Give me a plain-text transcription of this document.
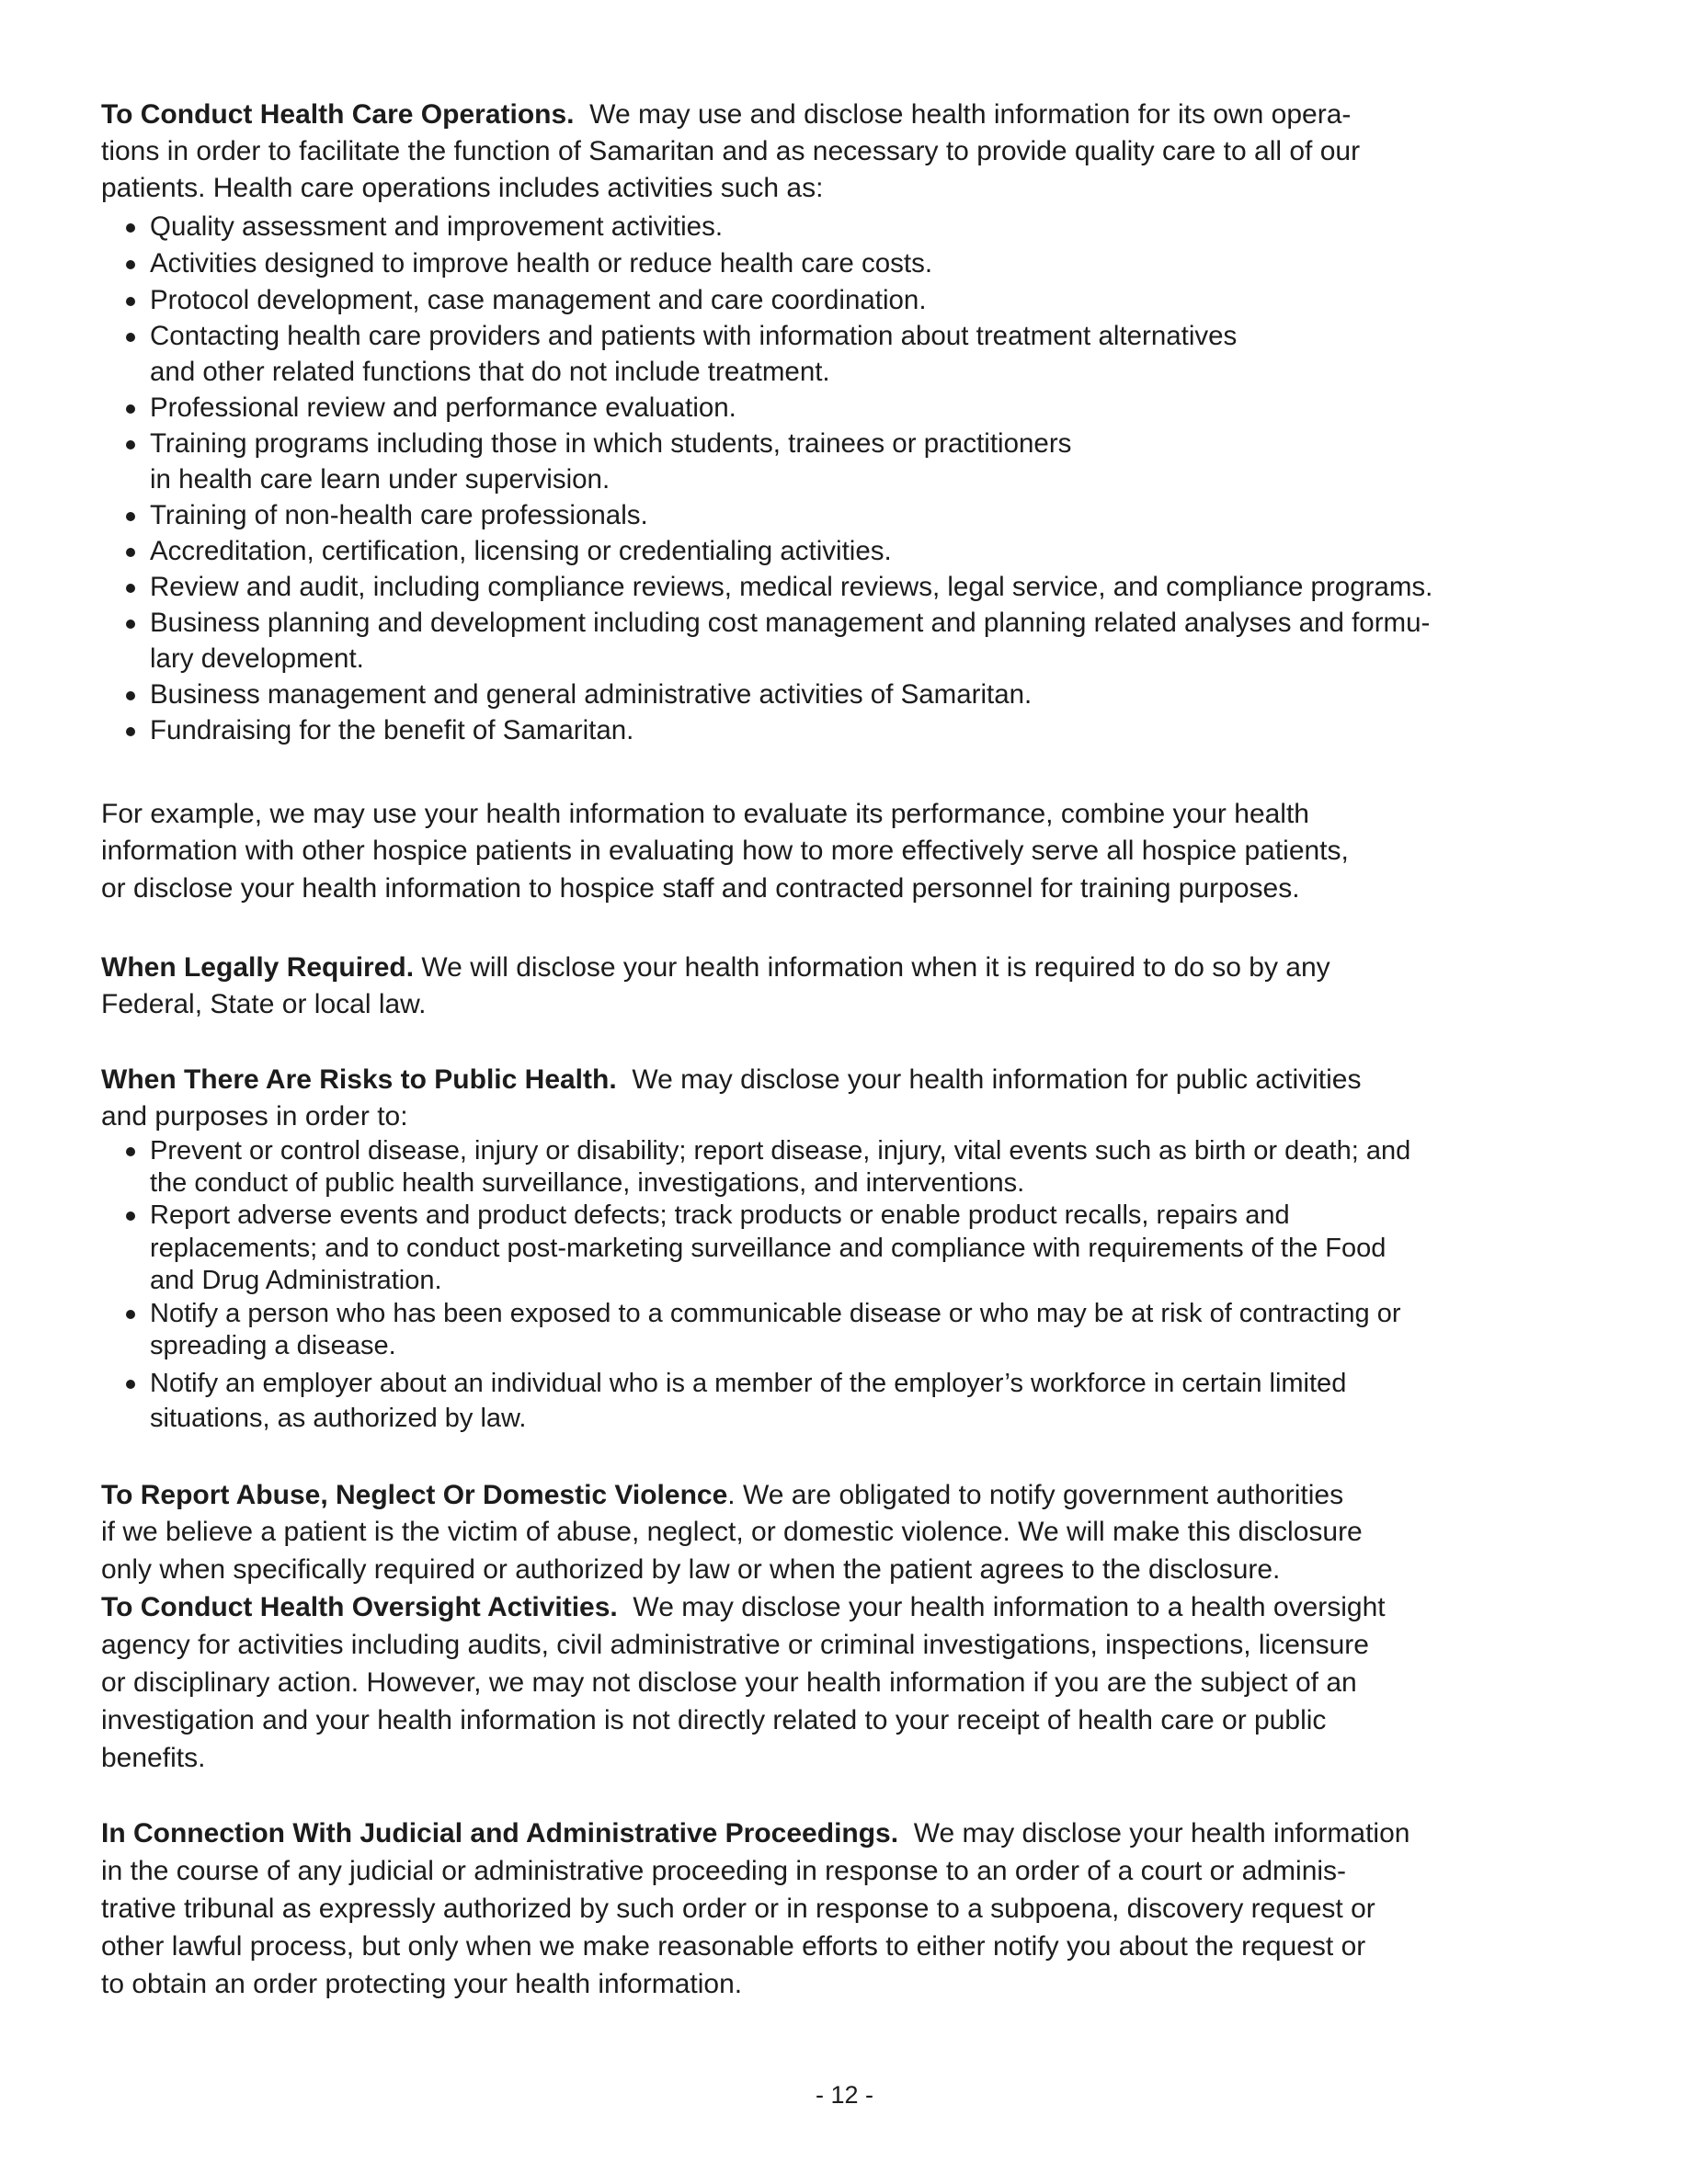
To Conduct Health Care Operations. We may use and disclose health information for its own opera-
tions in order to facilitate the function of Samaritan and as necessary to provide quality care to all of our
patients. Health care operations includes activities such as:
Quality assessment and improvement activities.
Activities designed to improve health or reduce health care costs.
Protocol development, case management and care coordination.
Contacting health care providers and patients with information about treatment alternatives
and other related functions that do not include treatment.
Professional review and performance evaluation.
Training programs including those in which students, trainees or practitioners
in health care learn under supervision.
Training of non-health care professionals.
Accreditation, certification, licensing or credentialing activities.
Review and audit, including compliance reviews, medical reviews, legal service, and compliance programs.
Business planning and development including cost management and planning related analyses and formu-
lary development.
Business management and general administrative activities of Samaritan.
Fundraising for the benefit of Samaritan.
For example, we may use your health information to evaluate its performance, combine your health
information with other hospice patients in evaluating how to more effectively serve all hospice patients,
or disclose your health information to hospice staff and contracted personnel for training purposes.
When Legally Required. We will disclose your health information when it is required to do so by any
Federal, State or local law.
When There Are Risks to Public Health. We may disclose your health information for public activities
and purposes in order to:
Prevent or control disease, injury or disability; report disease, injury, vital events such as birth or death; and
the conduct of public health surveillance, investigations, and interventions.
Report adverse events and product defects; track products or enable product recalls, repairs and
replacements; and to conduct post-marketing surveillance and compliance with requirements of the Food
and Drug Administration.
Notify a person who has been exposed to a communicable disease or who may be at risk of contracting or
spreading a disease.
Notify an employer about an individual who is a member of the employer’s workforce in certain limited
situations, as authorized by law.
To Report Abuse, Neglect Or Domestic Violence. We are obligated to notify government authorities
if we believe a patient is the victim of abuse, neglect, or domestic violence. We will make this disclosure
only when specifically required or authorized by law or when the patient agrees to the disclosure.
To Conduct Health Oversight Activities. We may disclose your health information to a health oversight
agency for activities including audits, civil administrative or criminal investigations, inspections, licensure
or disciplinary action. However, we may not disclose your health information if you are the subject of an
investigation and your health information is not directly related to your receipt of health care or public
benefits.
In Connection With Judicial and Administrative Proceedings. We may disclose your health information
in the course of any judicial or administrative proceeding in response to an order of a court or adminis-
trative tribunal as expressly authorized by such order or in response to a subpoena, discovery request or
other lawful process, but only when we make reasonable efforts to either notify you about the request or
to obtain an order protecting your health information.
- 12 -
